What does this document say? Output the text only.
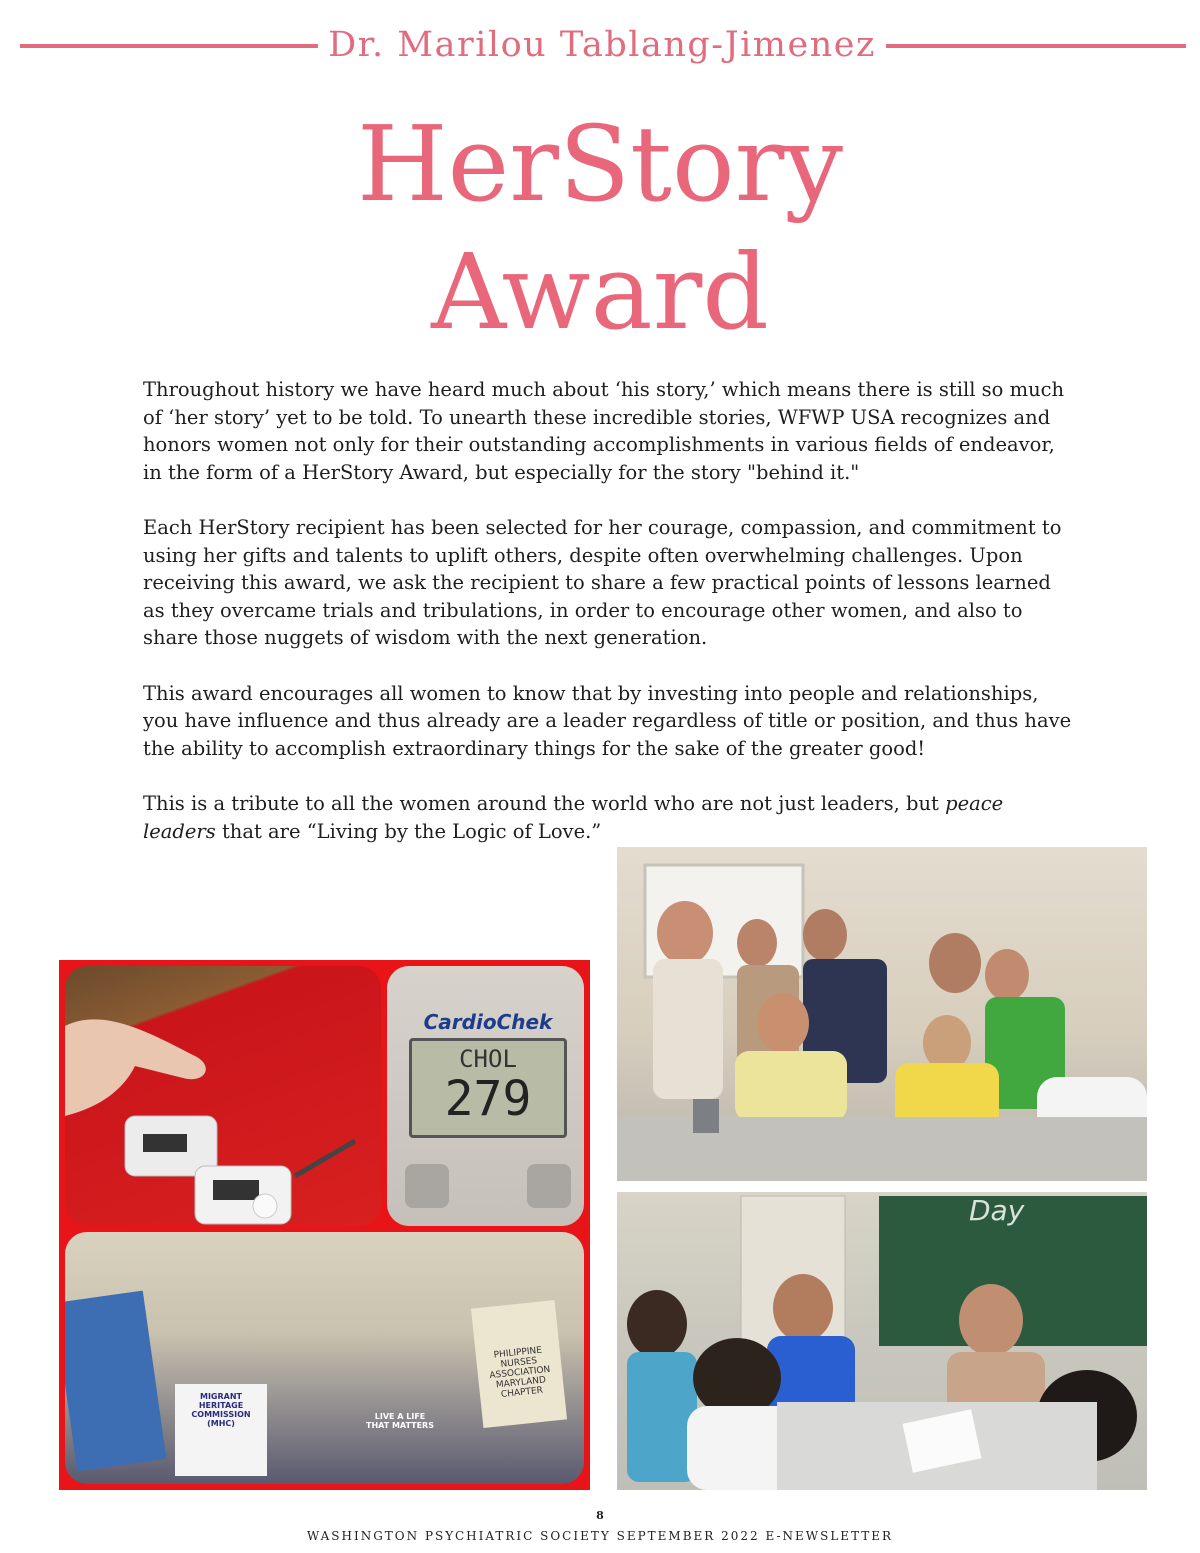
Dr. Marilou Tablang-Jimenez
HerStory
Award

Throughout history we have heard much about ‘his story,’ which means there is still so much of ‘her story’ yet to be told. To unearth these incredible stories, WFWP USA recognizes and honors women not only for their outstanding accomplishments in various fields of endeavor, in the form of a HerStory Award, but especially for the story "behind it."

Each HerStory recipient has been selected for her courage, compassion, and commitment to using her gifts and talents to uplift others, despite often overwhelming challenges. Upon receiving this award, we ask the recipient to share a few practical points of lessons learned as they overcame trials and tribulations, in order to encourage other women, and also to share those nuggets of wisdom with the next generation.

This award encourages all women to know that by investing into people and relationships, you have influence and thus already are a leader regardless of title or position, and thus have the ability to accomplish extraordinary things for the sake of the greater good!

This is a tribute to all the women around the world who are not just leaders, but peace leaders that are “Living by the Logic of Love.”

CardioChek
CHOL
279
MIGRANT HERITAGE COMMISSION (MHC)
PHILIPPINE NURSES ASSOCIATION MARYLAND CHAPTER
LIVE A LIFE THAT MATTERS
Day
8
WASHINGTON PSYCHIATRIC SOCIETY SEPTEMBER 2022 E-NEWSLETTER
